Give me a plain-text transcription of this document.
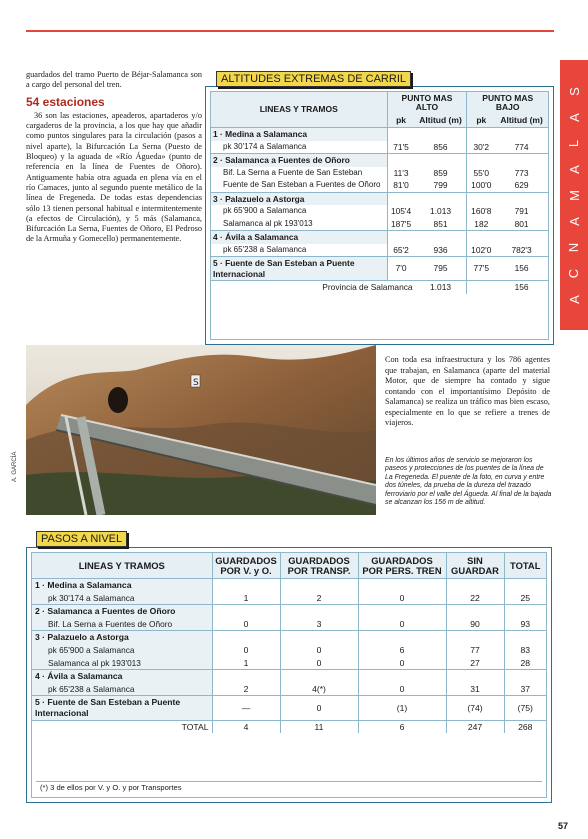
S
A
L
A
M
A
N
C
A

guardados del tramo Puerto de Béjar-Salamanca son a cargo del personal del tren.

54 estaciones

36 son las estaciones, apeaderos, apartaderos y/o cargaderos de la provincia, a los que hay que añadir como puntos singulares para la circulación (pasos a nivel aparte), la Bifurcación La Serna (Puesto de Bloqueo) y la aguada de «Río Águeda» (punto de referencia en la línea de Fuentes de Oñoro). Antiguamente había otra aguada en plena vía en el río Camaces, junto al segundo puente metálico de la línea de Fregeneda. De todas estas dependencias sólo 13 tienen personal habitual e intermitentemente (a efectos de Circulación), y 5 más (Salamanca, Bifurcación La Serna, Fuentes de Oñoro, El Pedroso de la Armuña y Gomecello) permanentemente.

LINEAS Y TRAMOS	PUNTO MAS ALTO		PUNTO MAS BAJO	
	pk	Altitud (m)	pk	Altitud (m)
1 · Medina a Salamanca				
pk 30'174 a Salamanca	71'5	856	30'2	774
2 · Salamanca a Fuentes de Oñoro				
Bif. La Serna a Fuente de San Esteban	11'3	859	55'0	773
Fuente de San Esteban a Fuentes de Oñoro	81'0	799	100'0	629
3 · Palazuelo a Astorga				
pk 65'900 a Salamanca	105'4	1.013	160'8	791
Salamanca al pk 193'013	187'5	851	182	801
4 · Ávila a Salamanca				
pk 65'238 a Salamanca	65'2	936	102'0	782'3
5 · Fuente de San Esteban a Puente Internacional	7'0	795	77'5	156
Provincia de Salamanca		1.013		156
ALTITUDES EXTREMAS DE CARRIL
S
A. GARCÍA
Con toda esa infraestructura y los 786 agentes que trabajan, en Salamanca (aparte del material Motor, que de siempre ha contado y sigue contando con el importantísimo Depósito de Salamanca) se realiza un tráfico mas bien escaso, especialmente en lo que se refiere a trenes de viajeros.
En los últimos años de servicio se mejoraron los paseos y protecciones de los puentes de la línea de La Fregeneda. El puente de la foto, en curva y entre dos túneles, da prueba de la dureza del trazado ferroviario por el valle del Águeda. Al final de la bajada se alcanzan los 156 m de altitud.
LINEAS Y TRAMOS	GUARDADOS POR V. y O.	GUARDADOS POR TRANSP.	GUARDADOS POR PERS. TREN	SIN GUARDAR	TOTAL
1 · Medina a Salamanca					
pk 30'174 a Salamanca	1	2	0	22	25
2 · Salamanca a Fuentes de Oñoro					
Bif. La Serna a Fuentes de Oñoro	0	3	0	90	93
3 · Palazuelo a Astorga					
pk 65'900 a Salamanca	0	0	6	77	83
Salamanca al pk 193'013	1	0	0	27	28
4 · Ávila a Salamanca					
pk 65'238 a Salamanca	2	4(*)	0	31	37
5 · Fuente de San Esteban a Puente Internacional	—	0	(1)	(74)	(75)
TOTAL	4	11	6	247	268
(*) 3 de ellos por V. y O. y por Transportes
PASOS A NIVEL
57
